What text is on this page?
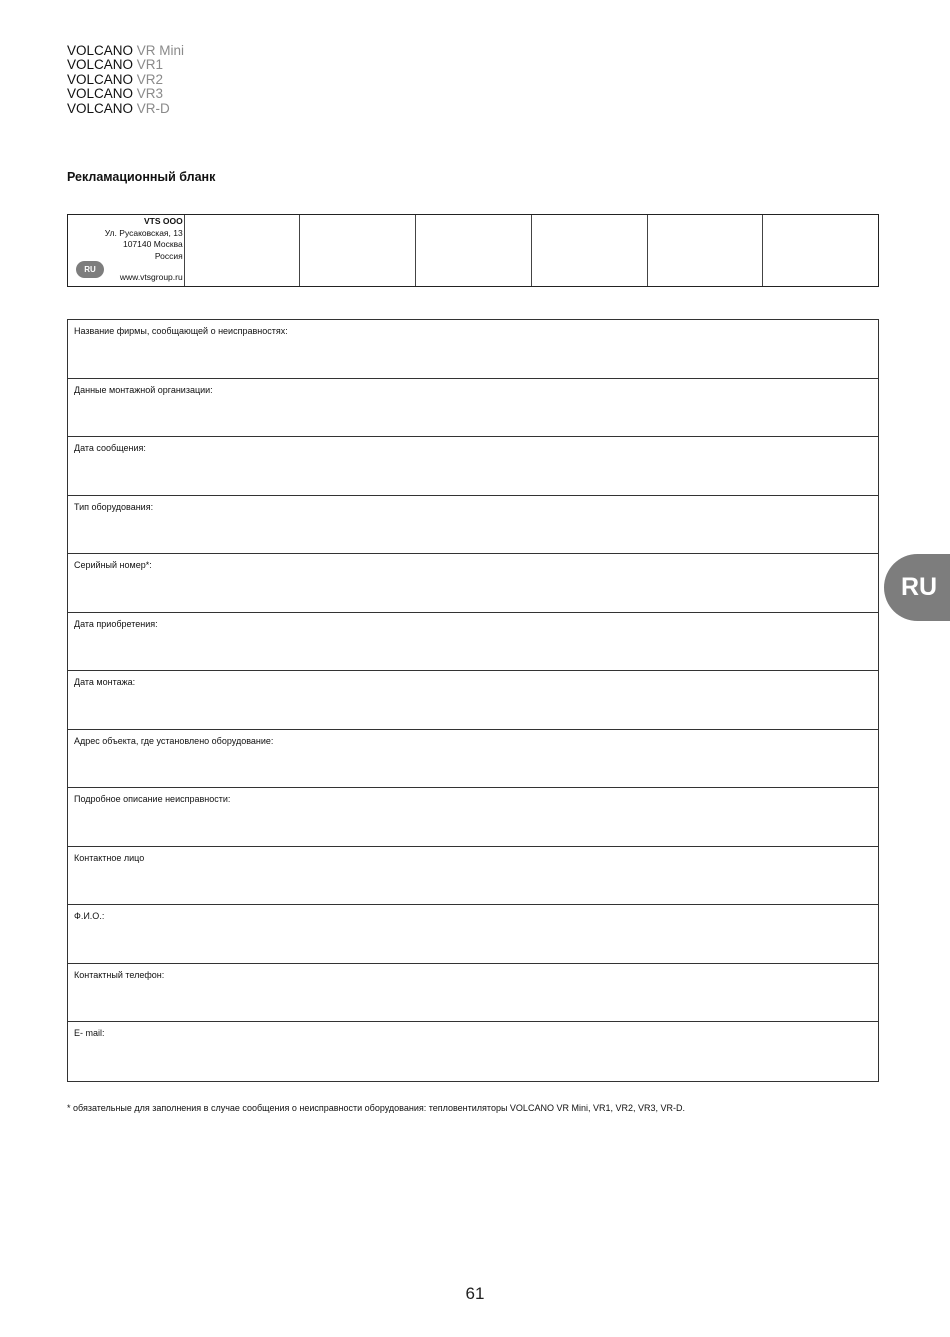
VOLCANO VR Mini
VOLCANO VR1
VOLCANO VR2
VOLCANO VR3
VOLCANO VR-D
Рекламационный бланк
VTS OOO
Ул. Русаковская, 13
107140 Москва
Россия
RU
www.vtsgroup.ru
Название фирмы, сообщающей о неисправностях:
Данные монтажной организации:
Дата сообщения:
Тип оборудования:
Серийный номер*:
Дата приобретения:
Дата монтажа:
Адрес объекта, где установлено оборудование:
Подробное описание неисправности:
Контактное лицо
Ф.И.О.:
Контактный телефон:
E- mail:
* обязательные для заполнения в случае сообщения о неисправности оборудования: тепловентиляторы VOLCANO VR Mini, VR1, VR2, VR3, VR-D.
RU
61
